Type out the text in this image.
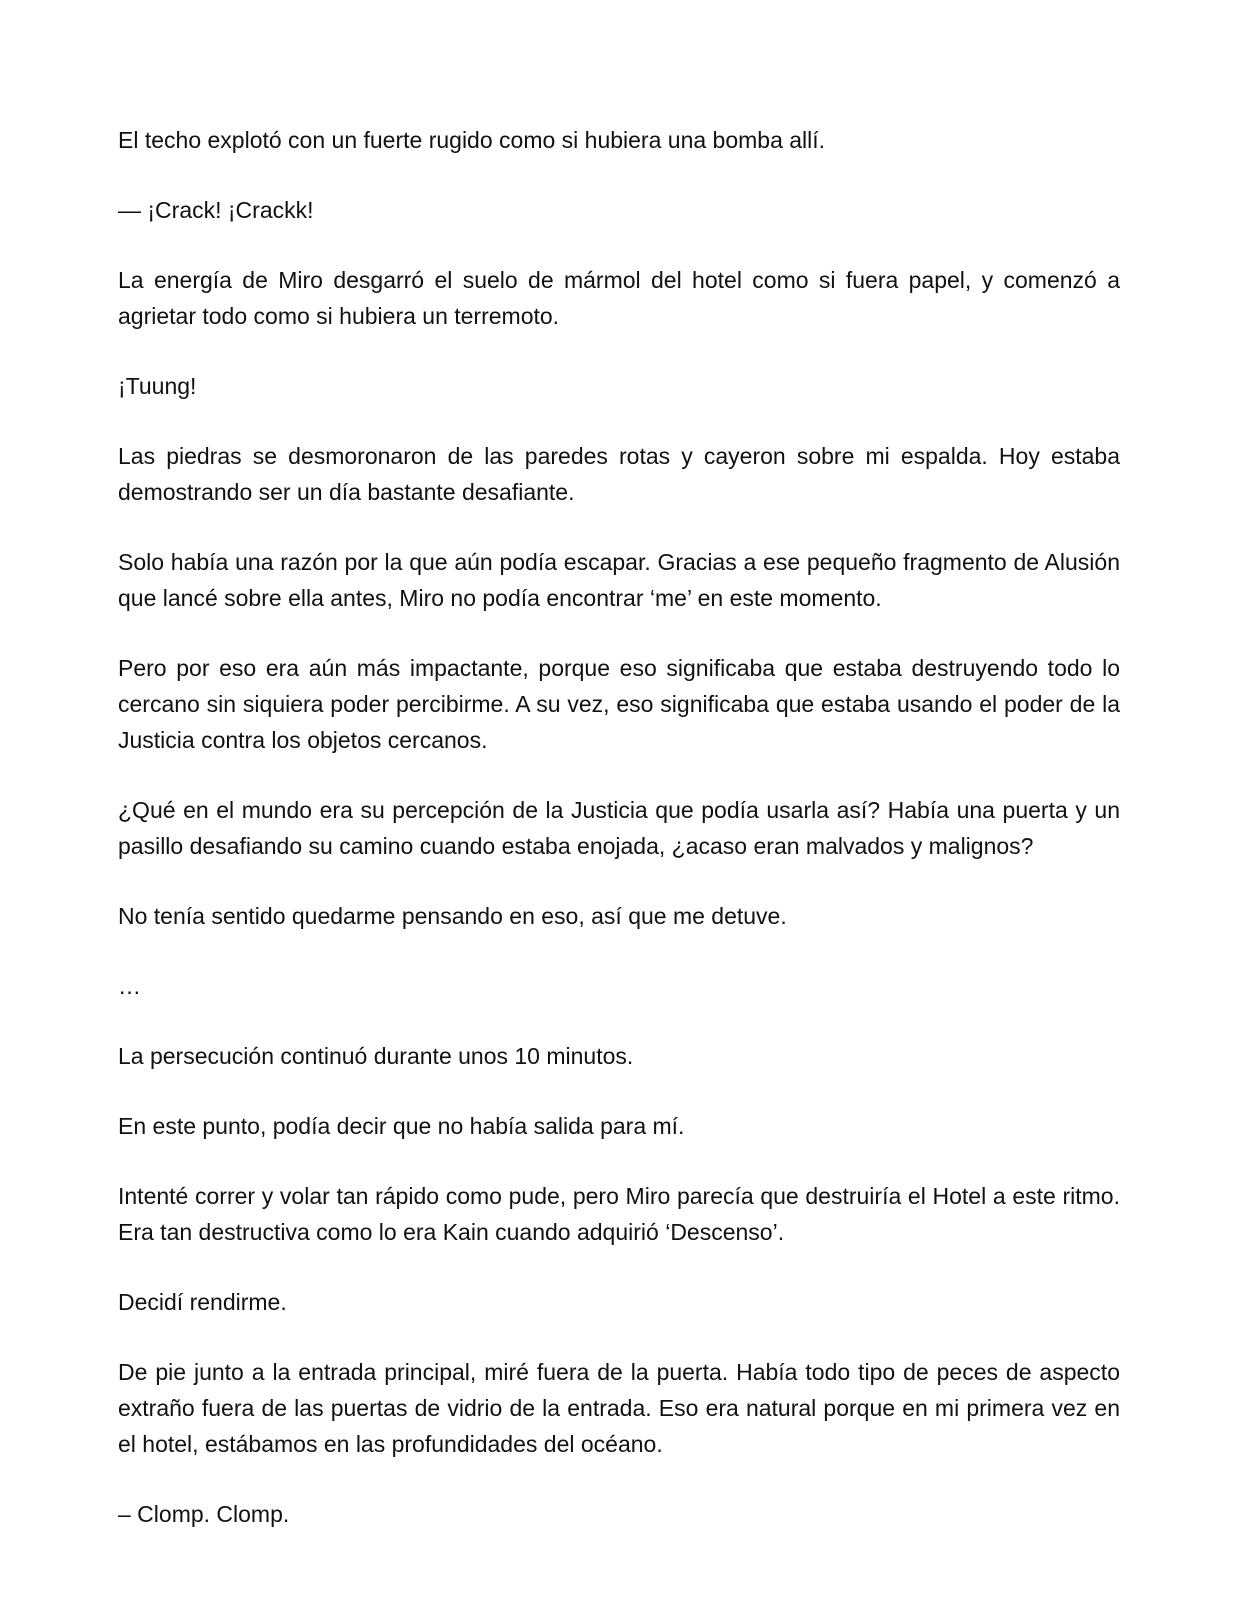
El techo explotó con un fuerte rugido como si hubiera una bomba allí.

— ¡Crack! ¡Crackk!

La energía de Miro desgarró el suelo de mármol del hotel como si fuera papel, y comenzó a agrietar todo como si hubiera un terremoto.

¡Tuung!

Las piedras se desmoronaron de las paredes rotas y cayeron sobre mi espalda. Hoy estaba demostrando ser un día bastante desafiante.

Solo había una razón por la que aún podía escapar. Gracias a ese pequeño fragmento de Alusión que lancé sobre ella antes, Miro no podía encontrar ‘me’ en este momento.

Pero por eso era aún más impactante, porque eso significaba que estaba destruyendo todo lo cercano sin siquiera poder percibirme. A su vez, eso significaba que estaba usando el poder de la Justicia contra los objetos cercanos.

¿Qué en el mundo era su percepción de la Justicia que podía usarla así? Había una puerta y un pasillo desafiando su camino cuando estaba enojada, ¿acaso eran malvados y malignos?

No tenía sentido quedarme pensando en eso, así que me detuve.

…

La persecución continuó durante unos 10 minutos.

En este punto, podía decir que no había salida para mí.

Intenté correr y volar tan rápido como pude, pero Miro parecía que destruiría el Hotel a este ritmo. Era tan destructiva como lo era Kain cuando adquirió ‘Descenso’.

Decidí rendirme.

De pie junto a la entrada principal, miré fuera de la puerta. Había todo tipo de peces de aspecto extraño fuera de las puertas de vidrio de la entrada. Eso era natural porque en mi primera vez en el hotel, estábamos en las profundidades del océano.

– Clomp. Clomp.
